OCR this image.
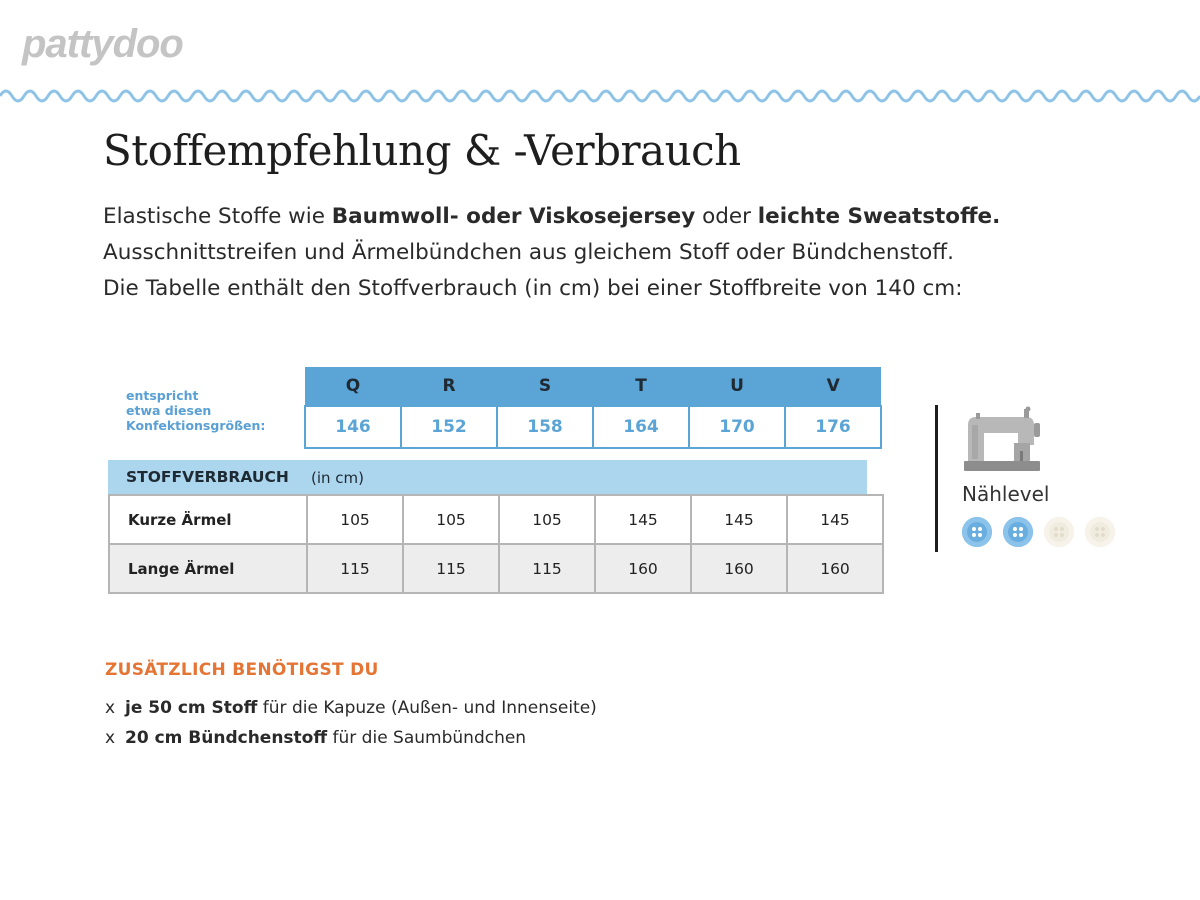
pattydoo
Stoffempfehlung & -Verbrauch
Elastische Stoffe wie Baumwoll- oder Viskosejersey oder leichte Sweatstoffe.
Ausschnittstreifen und Ärmelbündchen aus gleichem Stoff oder Bündchenstoff.
Die Tabelle enthält den Stoffverbrauch (in cm) bei einer Stoffbreite von 140 cm:
entspricht
etwa diesen
Konfektionsgrößen:
Q	R	S	T	U	V
146	152	158	164	170	176
STOFFVERBRAUCH (in cm)
Kurze Ärmel	105	105	105	145	145	145
Lange Ärmel	115	115	115	160	160	160
Nählevel
ZUSÄTZLICH BENÖTIGST DU
x je 50 cm Stoff für die Kapuze (Außen- und Innenseite)
x 20 cm Bündchenstoff für die Saumbündchen
